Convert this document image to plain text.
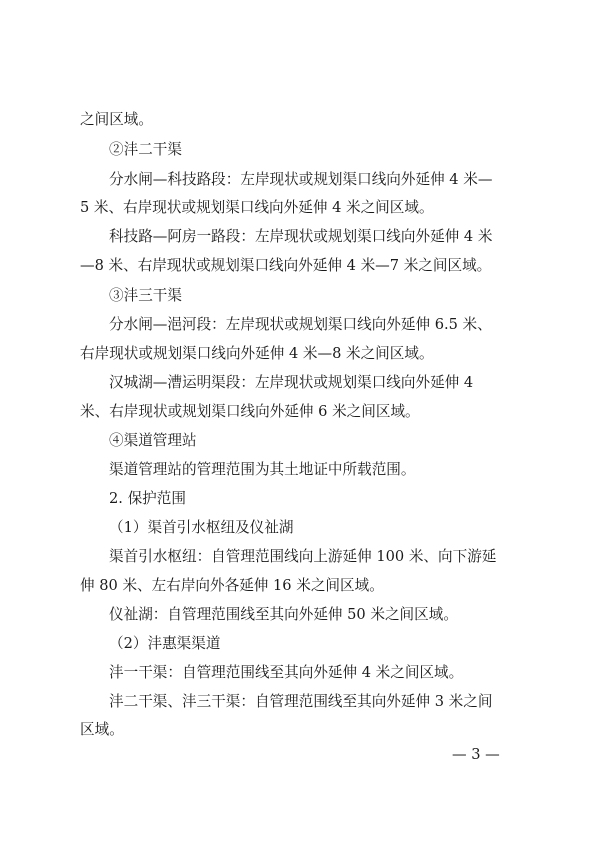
之间区域。
②沣二干渠
分水闸—科技路段：左岸现状或规划渠口线向外延伸 4 米—
5 米、右岸现状或规划渠口线向外延伸 4 米之间区域。
科技路—阿房一路段：左岸现状或规划渠口线向外延伸 4 米
—8 米、右岸现状或规划渠口线向外延伸 4 米—7 米之间区域。
③沣三干渠
分水闸—浥河段：左岸现状或规划渠口线向外延伸 6.5 米、
右岸现状或规划渠口线向外延伸 4 米—8 米之间区域。
汉城湖—漕运明渠段：左岸现状或规划渠口线向外延伸 4
米、右岸现状或规划渠口线向外延伸 6 米之间区域。
④渠道管理站
渠道管理站的管理范围为其土地证中所载范围。
2. 保护范围
（1）渠首引水枢纽及仪祉湖
渠首引水枢纽：自管理范围线向上游延伸 100 米、向下游延
伸 80 米、左右岸向外各延伸 16 米之间区域。
仪祉湖：自管理范围线至其向外延伸 50 米之间区域。
（2）沣惠渠渠道
沣一干渠：自管理范围线至其向外延伸 4 米之间区域。
沣二干渠、沣三干渠：自管理范围线至其向外延伸 3 米之间
区域。
— 3 —
